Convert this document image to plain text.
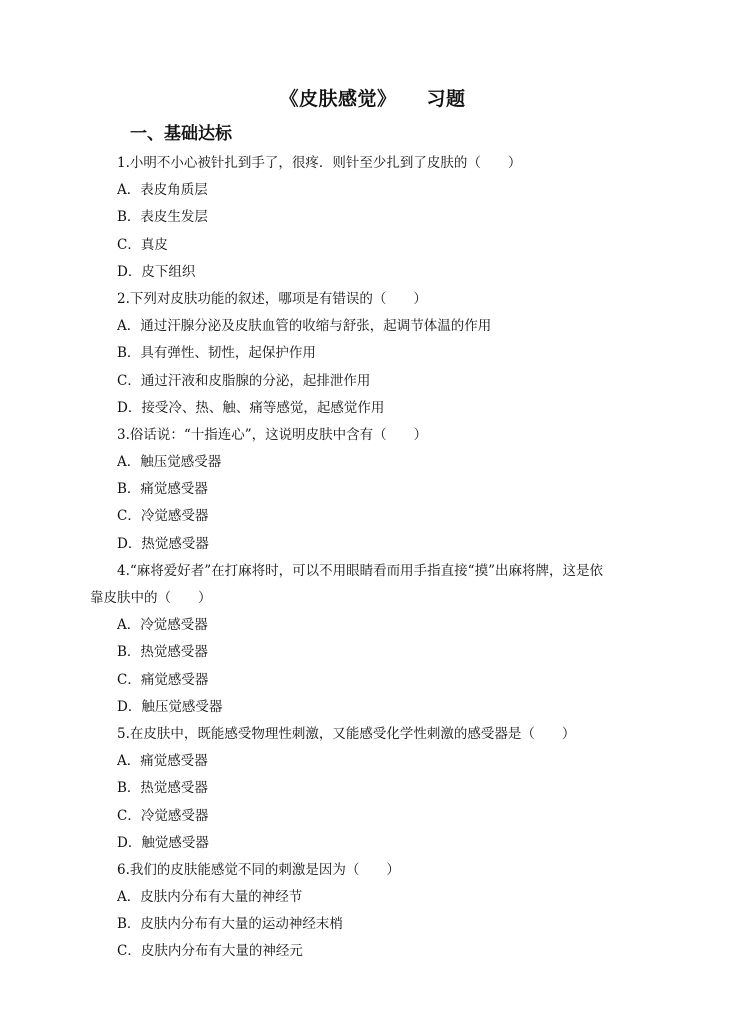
《皮肤感觉》 习题
一、基础达标
1.小明不小心被针扎到手了，很疼．则针至少扎到了皮肤的（　　）
A．表皮角质层
B．表皮生发层
C．真皮
D．皮下组织
2.下列对皮肤功能的叙述，哪项是有错误的（　　）
A．通过汗腺分泌及皮肤血管的收缩与舒张，起调节体温的作用
B．具有弹性、韧性，起保护作用
C．通过汗液和皮脂腺的分泌，起排泄作用
D．接受冷、热、触、痛等感觉，起感觉作用
3.俗话说：“十指连心”，这说明皮肤中含有（　　）
A．触压觉感受器
B．痛觉感受器
C．冷觉感受器
D．热觉感受器
4.“麻将爱好者”在打麻将时，可以不用眼睛看而用手指直接“摸”出麻将牌，这是依
靠皮肤中的（　　）
A．冷觉感受器
B．热觉感受器
C．痛觉感受器
D．触压觉感受器
5.在皮肤中，既能感受物理性刺激，又能感受化学性刺激的感受器是（　　）
A．痛觉感受器
B．热觉感受器
C．冷觉感受器
D．触觉感受器
6.我们的皮肤能感觉不同的刺激是因为（　　）
A．皮肤内分布有大量的神经节
B．皮肤内分布有大量的运动神经末梢
C．皮肤内分布有大量的神经元
